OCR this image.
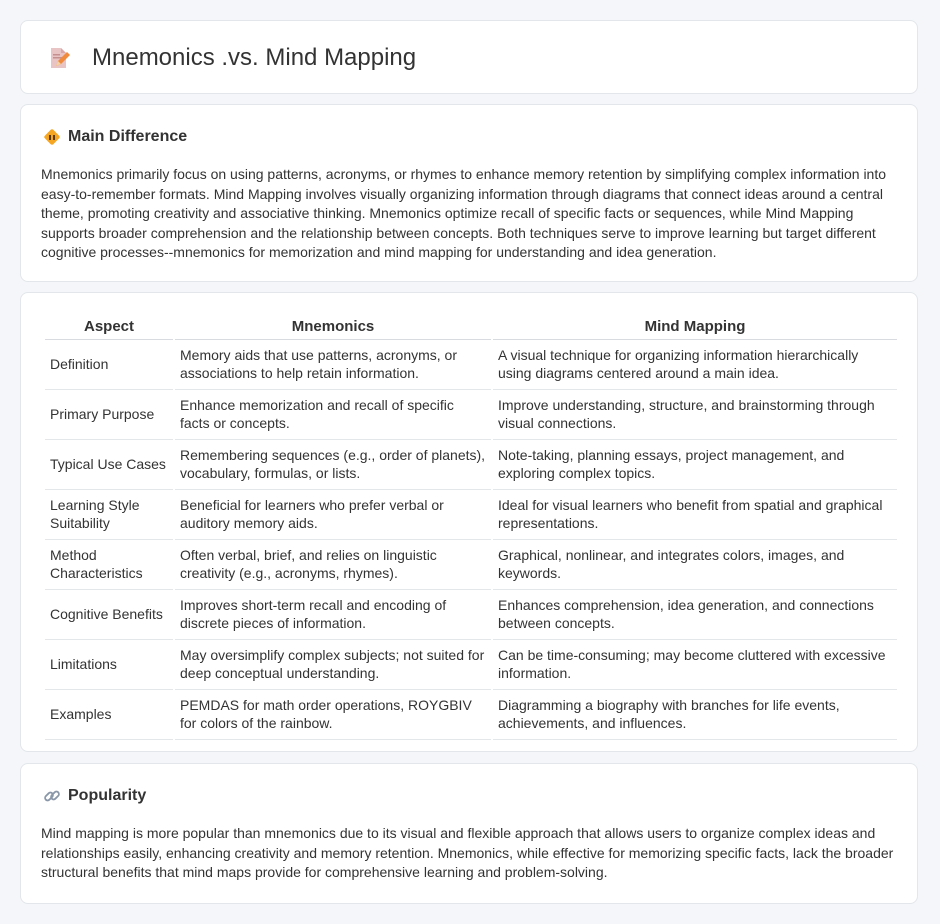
Mnemonics .vs. Mind Mapping
Main Difference

Mnemonics primarily focus on using patterns, acronyms, or rhymes to enhance memory retention by simplifying complex information into easy-to-remember formats. Mind Mapping involves visually organizing information through diagrams that connect ideas around a central theme, promoting creativity and associative thinking. Mnemonics optimize recall of specific facts or sequences, while Mind Mapping supports broader comprehension and the relationship between concepts. Both techniques serve to improve learning but target different cognitive processes--mnemonics for memorization and mind mapping for understanding and idea generation.

Aspect	Mnemonics	Mind Mapping
Definition	Memory aids that use patterns, acronyms, or associations to help retain information.	A visual technique for organizing information hierarchically using diagrams centered around a main idea.
Primary Purpose	Enhance memorization and recall of specific facts or concepts.	Improve understanding, structure, and brainstorming through visual connections.
Typical Use Cases	Remembering sequences (e.g., order of planets), vocabulary, formulas, or lists.	Note-taking, planning essays, project management, and exploring complex topics.
Learning Style Suitability	Beneficial for learners who prefer verbal or auditory memory aids.	Ideal for visual learners who benefit from spatial and graphical representations.
Method Characteristics	Often verbal, brief, and relies on linguistic creativity (e.g., acronyms, rhymes).	Graphical, nonlinear, and integrates colors, images, and keywords.
Cognitive Benefits	Improves short-term recall and encoding of discrete pieces of information.	Enhances comprehension, idea generation, and connections between concepts.
Limitations	May oversimplify complex subjects; not suited for deep conceptual understanding.	Can be time-consuming; may become cluttered with excessive information.
Examples	PEMDAS for math order operations, ROYGBIV for colors of the rainbow.	Diagramming a biography with branches for life events, achievements, and influences.
Popularity

Mind mapping is more popular than mnemonics due to its visual and flexible approach that allows users to organize complex ideas and relationships easily, enhancing creativity and memory retention. Mnemonics, while effective for memorizing specific facts, lack the broader structural benefits that mind maps provide for comprehensive learning and problem-solving.
